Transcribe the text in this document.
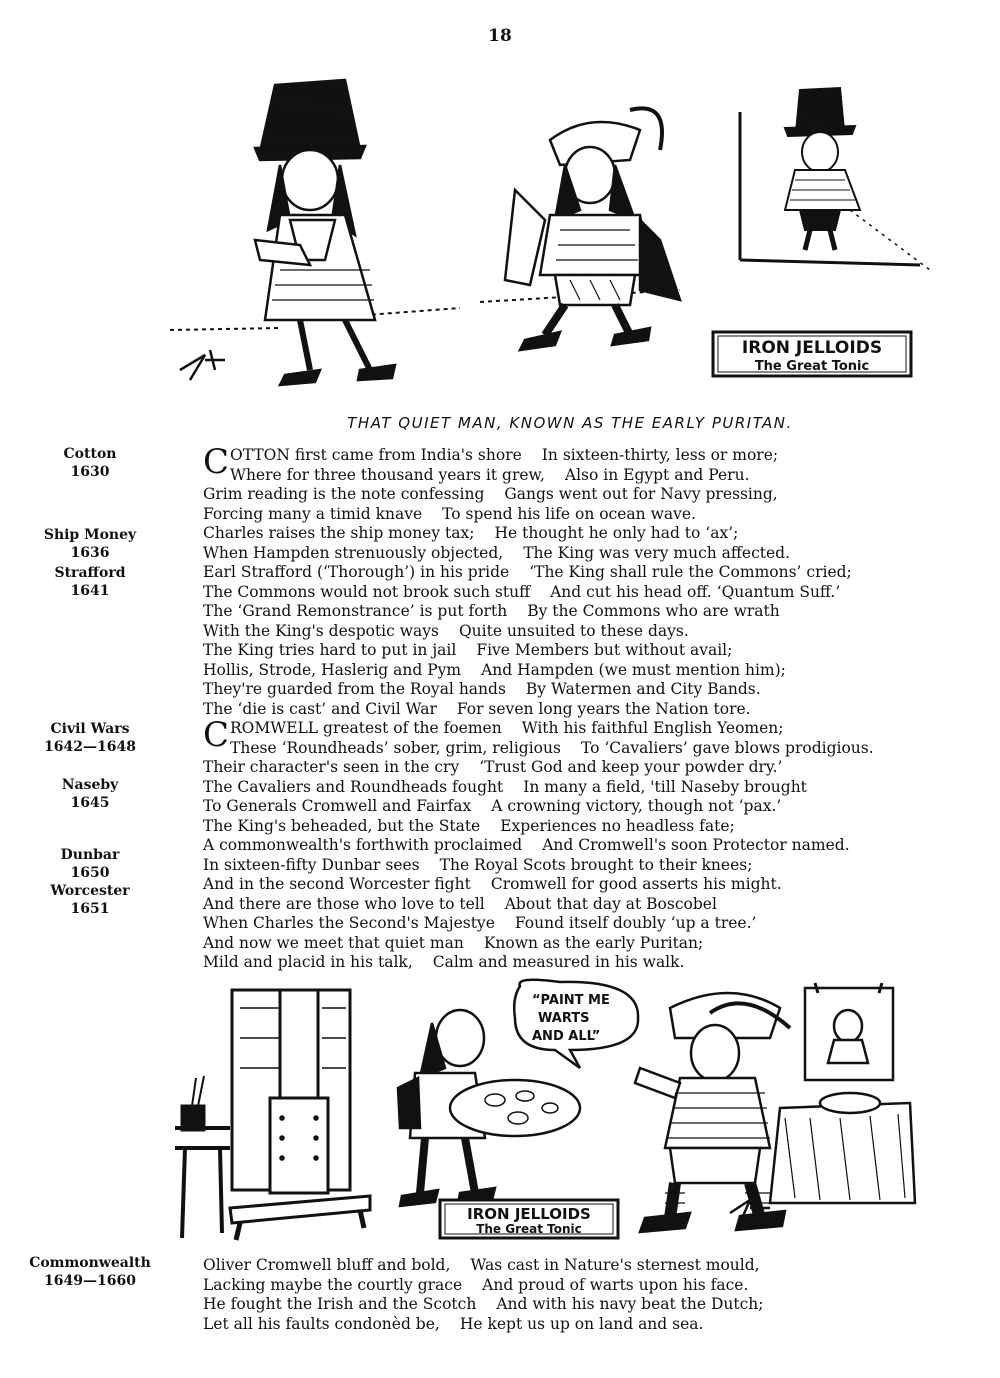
18
IRON JELLOIDS
The Great Tonic
THAT QUIET MAN, KNOWN AS THE EARLY PURITAN.
Cotton
1630
Ship Money
1636
Strafford
1641
Civil Wars
1642—1648
Naseby
1645
Dunbar
1650
Worcester
1651
Commonwealth
1649—1660
COTTON first came from India's shore In sixteen-thirty, less or more;
Where for three thousand years it grew, Also in Egypt and Peru.
Grim reading is the note confessing Gangs went out for Navy pressing,
Forcing many a timid knave To spend his life on ocean wave.
Charles raises the ship money tax; He thought he only had to ‘ax’;
When Hampden strenuously objected, The King was very much affected.
Earl Strafford (‘Thorough’) in his pride ‘The King shall rule the Commons’ cried;
The Commons would not brook such stuff And cut his head off. ‘Quantum Suff.’
The ‘Grand Remonstrance’ is put forth By the Commons who are wrath
With the King's despotic ways Quite unsuited to these days.
The King tries hard to put in jail Five Members but without avail;
Hollis, Strode, Haslerig and Pym And Hampden (we must mention him);
They're guarded from the Royal hands By Watermen and City Bands.
The ‘die is cast’ and Civil War For seven long years the Nation tore.
CROMWELL greatest of the foemen With his faithful English Yeomen;
These ‘Roundheads’ sober, grim, religious To ‘Cavaliers’ gave blows prodigious.
Their character's seen in the cry ‘Trust God and keep your powder dry.’
The Cavaliers and Roundheads fought In many a field, 'till Naseby brought
To Generals Cromwell and Fairfax A crowning victory, though not ‘pax.’
The King's beheaded, but the State Experiences no headless fate;
A commonwealth's forthwith proclaimed And Cromwell's soon Protector named.
In sixteen-fifty Dunbar sees The Royal Scots brought to their knees;
And in the second Worcester fight Cromwell for good asserts his might.
And there are those who love to tell About that day at Boscobel
When Charles the Second's Majestye Found itself doubly ‘up a tree.’
And now we meet that quiet man Known as the early Puritan;
Mild and placid in his talk, Calm and measured in his walk.
“PAINT ME
WARTS
AND ALL”
IRON JELLOIDS
The Great Tonic
Oliver Cromwell bluff and bold, Was cast in Nature's sternest mould,
Lacking maybe the courtly grace And proud of warts upon his face.
He fought the Irish and the Scotch And with his navy beat the Dutch;
Let all his faults condonèd be, He kept us up on land and sea.
